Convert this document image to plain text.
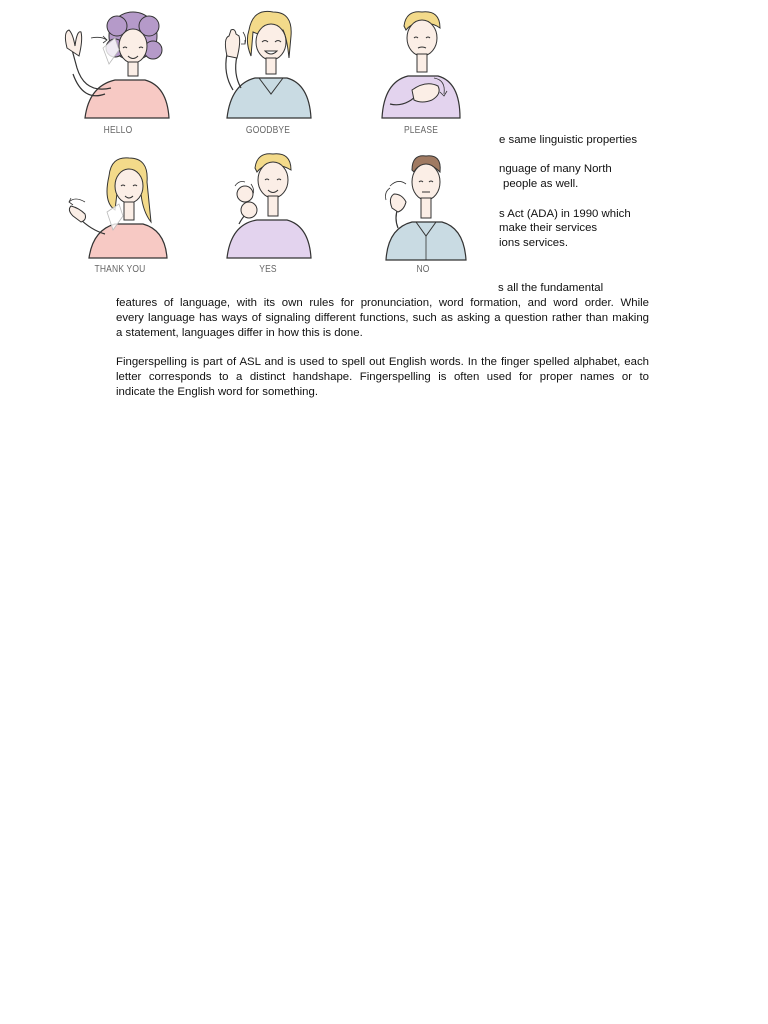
e same linguistic properties
nguage of many North
people as well.
s Act (ADA) in 1990 which
make their services
ions services.
s all the fundamental
features of language, with its own rules for pronunciation, word formation, and word order. While
every language has ways of signaling different functions, such as asking a question rather than making
a statement, languages differ in how this is done.
Fingerspelling is part of ASL and is used to spell out English words. In the finger spelled alphabet, each
letter corresponds to a distinct handshape. Fingerspelling is often used for proper names or to
indicate the English word for something.
HELLO	GOODBYE	PLEASE
THANK YOU	YES	NO
